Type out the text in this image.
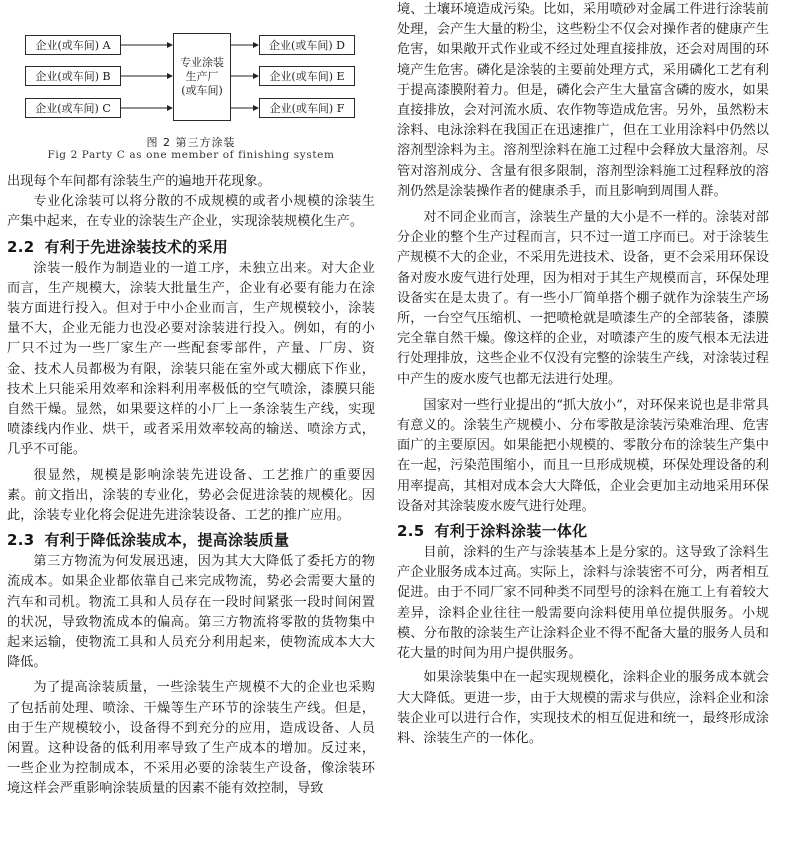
企业(或车间) A
企业(或车间) B
企业(或车间) C
专业涂装生产厂(或车间)
企业(或车间) D
企业(或车间) E
企业(或车间) F
图 2 第三方涂装
Fig 2 Party C as one member of finishing system

出现每个车间都有涂装生产的遍地开花现象。

专业化涂装可以将分散的不成规模的或者小规模的涂装生产集中起来，在专业的涂装生产企业，实现涂装规模化生产。

2.2 有利于先进涂装技术的采用

涂装一般作为制造业的一道工序，未独立出来。对大企业而言，生产规模大，涂装大批量生产，企业有必要有能力在涂装方面进行投入。但对于中小企业而言，生产规模较小，涂装量不大，企业无能力也没必要对涂装进行投入。例如，有的小厂只不过为一些厂家生产一些配套零部件，产量、厂房、资金、技术人员都极为有限，涂装只能在室外或大棚底下作业，技术上只能采用效率和涂料利用率极低的空气喷涂，漆膜只能自然干燥。显然，如果要这样的小厂上一条涂装生产线，实现喷漆线内作业、烘干，或者采用效率较高的输送、喷涂方式，几乎不可能。

很显然，规模是影响涂装先进设备、工艺推广的重要因素。前文指出，涂装的专业化，势必会促进涂装的规模化。因此，涂装专业化将会促进先进涂装设备、工艺的推广应用。

2.3 有利于降低涂装成本，提高涂装质量

第三方物流为何发展迅速，因为其大大降低了委托方的物流成本。如果企业都依靠自己来完成物流，势必会需要大量的汽车和司机。物流工具和人员存在一段时间紧张一段时间闲置的状况，导致物流成本的偏高。第三方物流将零散的货物集中起来运输，使物流工具和人员充分利用起来，使物流成本大大降低。

为了提高涂装质量，一些涂装生产规模不大的企业也采购了包括前处理、喷涂、干燥等生产环节的涂装生产线。但是，由于生产规模较小，设备得不到充分的应用，造成设备、人员闲置。这种设备的低利用率导致了生产成本的增加。反过来，一些企业为控制成本，不采用必要的涂装生产设备，像涂装环境这样会严重影响涂装质量的因素不能有效控制，导致

境、土壤环境造成污染。比如，采用喷砂对金属工件进行涂装前处理，会产生大量的粉尘，这些粉尘不仅会对操作者的健康产生危害，如果敞开式作业或不经过处理直接排放，还会对周围的环境产生危害。磷化是涂装的主要前处理方式，采用磷化工艺有利于提高漆膜附着力。但是，磷化会产生大量富含磷的废水，如果直接排放，会对河流水质、农作物等造成危害。另外，虽然粉末涂料、电泳涂料在我国正在迅速推广，但在工业用涂料中仍然以溶剂型涂料为主。溶剂型涂料在施工过程中会释放大量溶剂。尽管对溶剂成分、含量有很多限制，溶剂型涂料施工过程释放的溶剂仍然是涂装操作者的健康杀手，而且影响到周围人群。

对不同企业而言，涂装生产量的大小是不一样的。涂装对部分企业的整个生产过程而言，只不过一道工序而已。对于涂装生产规模不大的企业，不采用先进技术、设备，更不会采用环保设备对废水废气进行处理，因为相对于其生产规模而言，环保处理设备实在是太贵了。有一些小厂简单搭个棚子就作为涂装生产场所，一台空气压缩机、一把喷枪就是喷漆生产的全部装备，漆膜完全靠自然干燥。像这样的企业，对喷漆产生的废气根本无法进行处理排放，这些企业不仅没有完整的涂装生产线，对涂装过程中产生的废水废气也都无法进行处理。

国家对一些行业提出的“抓大放小”，对环保来说也是非常具有意义的。涂装生产规模小、分布零散是涂装污染难治理、危害面广的主要原因。如果能把小规模的、零散分布的涂装生产集中在一起，污染范围缩小，而且一旦形成规模，环保处理设备的利用率提高，其相对成本会大大降低，企业会更加主动地采用环保设备对其涂装废水废气进行处理。

2.5 有利于涂料涂装一体化

目前，涂料的生产与涂装基本上是分家的。这导致了涂料生产企业服务成本过高。实际上，涂料与涂装密不可分，两者相互促进。由于不同厂家不同种类不同型号的涂料在施工上有着较大差异，涂料企业往往一般需要向涂料使用单位提供服务。小规模、分布散的涂装生产让涂料企业不得不配备大量的服务人员和花大量的时间为用户提供服务。

如果涂装集中在一起实现规模化，涂料企业的服务成本就会大大降低。更进一步，由于大规模的需求与供应，涂料企业和涂装企业可以进行合作，实现技术的相互促进和统一，最终形成涂料、涂装生产的一体化。
